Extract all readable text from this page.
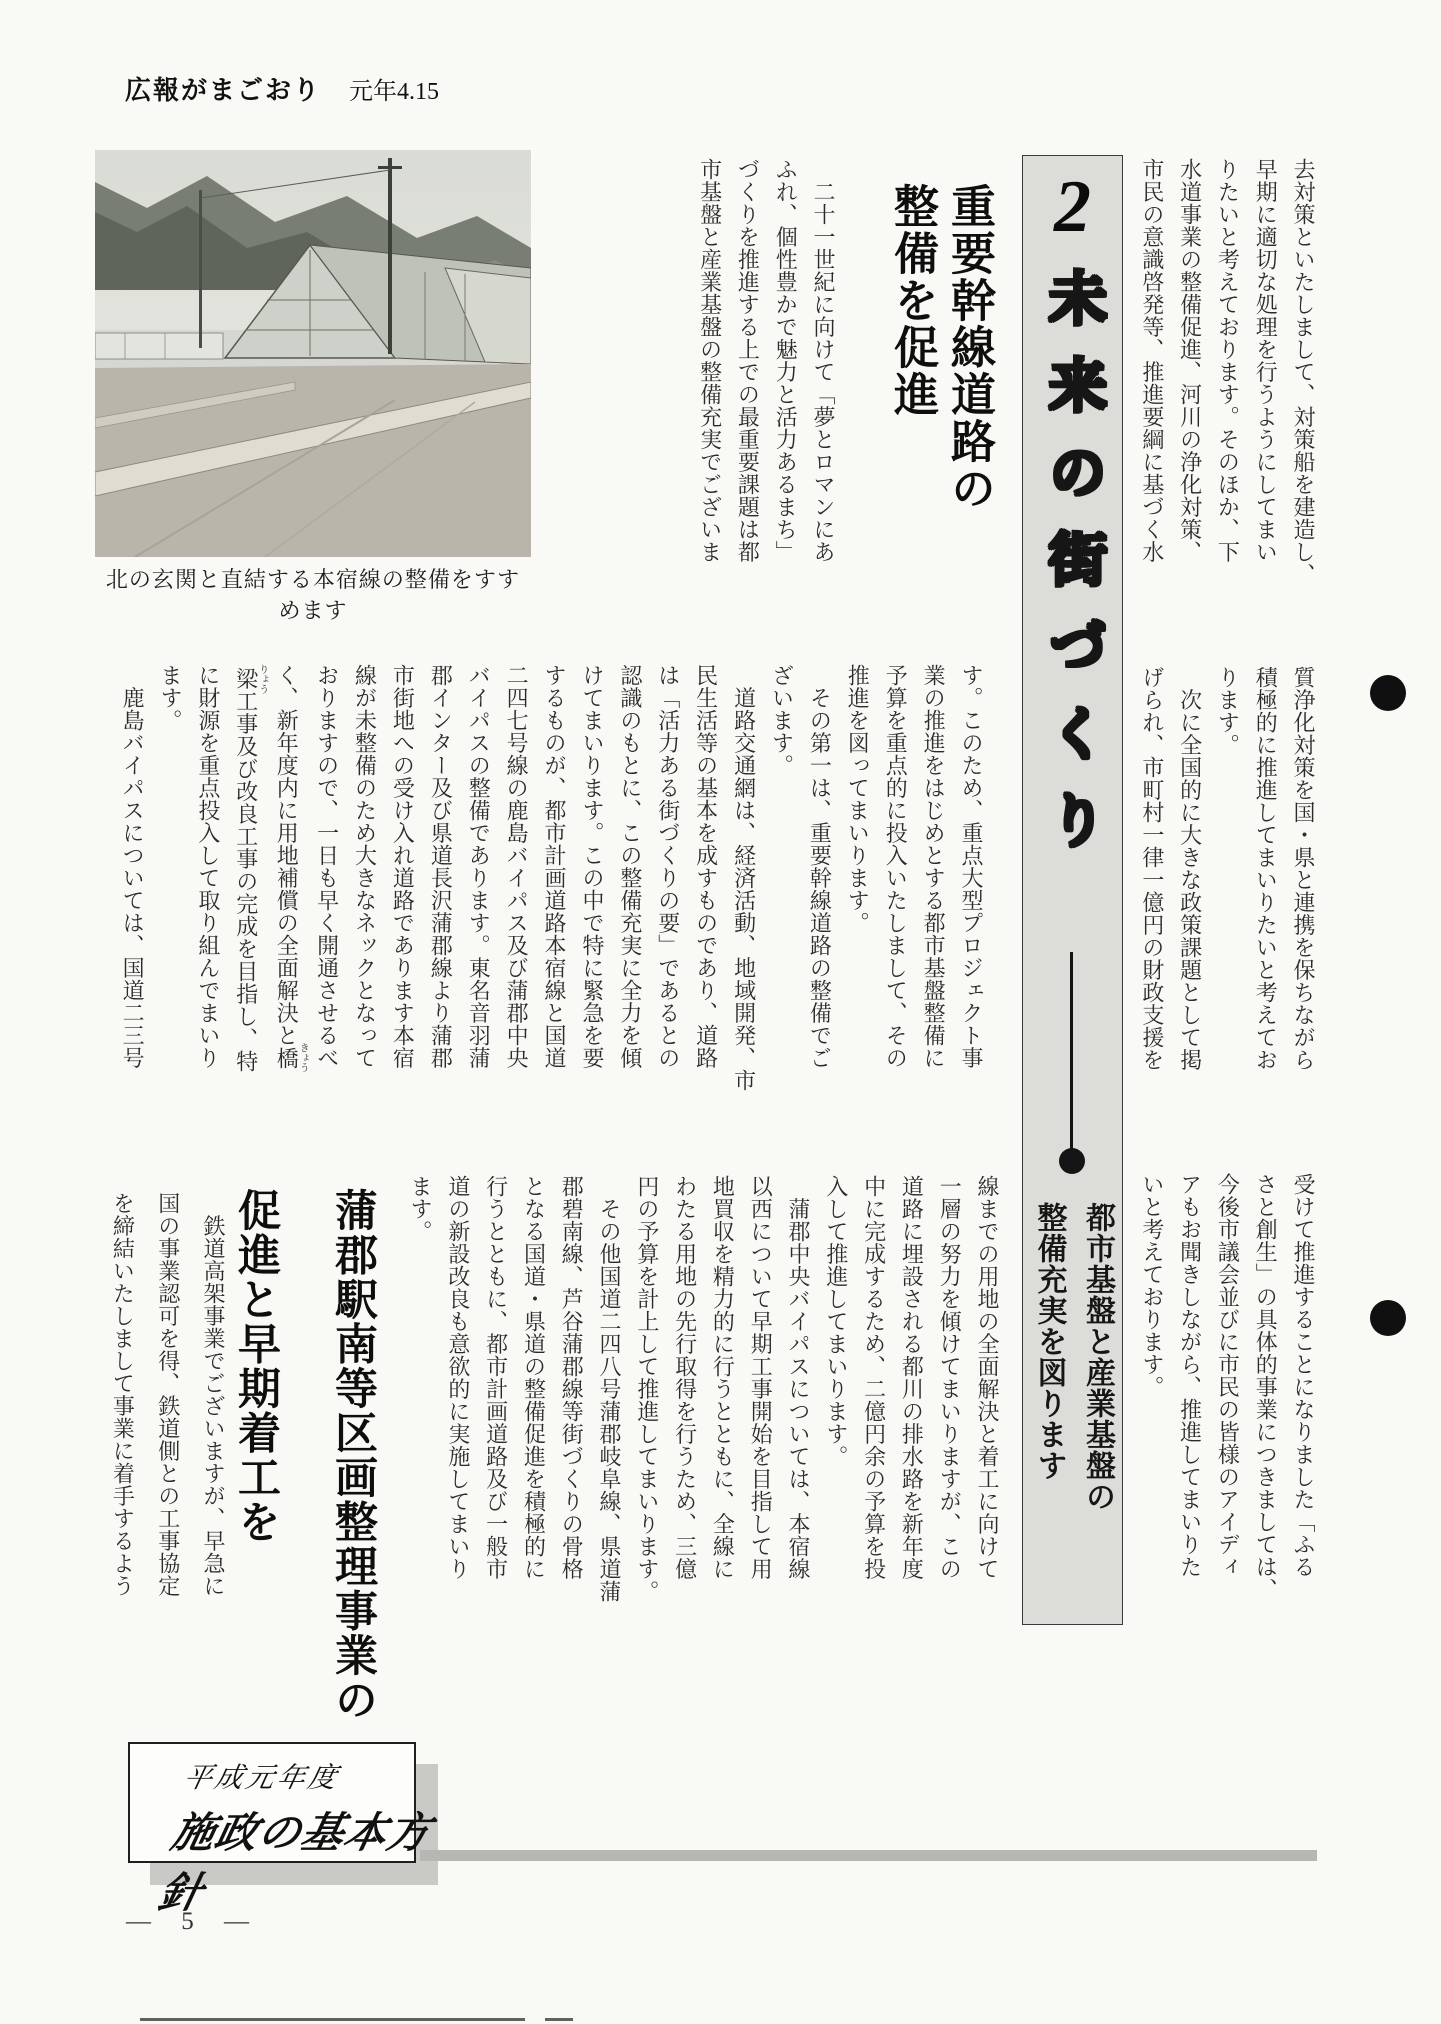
広報がまごおり 元年4.15
北の玄関と直結する本宿線の整備をすすめます
2
未来の街づくり

都市基盤と産業基盤の

整備充実を図ります

重要幹線道路の

整備を促進

蒲郡駅南等区画整理事業の

促進と早期着工を

去対策といたしまして、対策船を建造し、

早期に適切な処理を行うようにしてまい

りたいと考えております。そのほか、下

水道事業の整備促進、河川の浄化対策、

市民の意識啓発等、推進要綱に基づく水

質浄化対策を国・県と連携を保ちながら

積極的に推進してまいりたいと考えてお

ります。

　次に全国的に大きな政策課題として掲

げられ、市町村一律一億円の財政支援を

受けて推進することになりました「ふる

さと創生」の具体的事業につきましては、

今後市議会並びに市民の皆様のアイディ

アもお聞きしながら、推進してまいりた

いと考えております。

　二十一世紀に向けて「夢とロマンにあ

ふれ、個性豊かで魅力と活力あるまち」

づくりを推進する上での最重要課題は都

市基盤と産業基盤の整備充実でございま

す。このため、重点大型プロジェクト事

業の推進をはじめとする都市基盤整備に

予算を重点的に投入いたしまして、その

推進を図ってまいります。

　その第一は、重要幹線道路の整備でご

ざいます。

　道路交通網は、経済活動、地域開発、市

民生活等の基本を成すものであり、道路

は「活力ある街づくりの要」であるとの

認識のもとに、この整備充実に全力を傾

けてまいります。この中で特に緊急を要

するものが、都市計画道路本宿線と国道

二四七号線の鹿島バイパス及び蒲郡中央

バイパスの整備であります。東名音羽蒲

郡インター及び県道長沢蒲郡線より蒲郡

市街地への受け入れ道路であります本宿

線が未整備のため大きなネックとなって

おりますので、一日も早く開通させるべ

く、新年度内に用地補償の全面解決と橋きょう

梁りょう工事及び改良工事の完成を目指し、特

に財源を重点投入して取り組んでまいり

ます。

　鹿島バイパスについては、国道二三号

線までの用地の全面解決と着工に向けて

一層の努力を傾けてまいりますが、この

道路に埋設される都川の排水路を新年度

中に完成するため、二億円余の予算を投

入して推進してまいります。

　蒲郡中央バイパスについては、本宿線

以西について早期工事開始を目指して用

地買収を精力的に行うとともに、全線に

わたる用地の先行取得を行うため、三億

円の予算を計上して推進してまいります。

　その他国道二四八号蒲郡岐阜線、県道蒲

郡碧南線、芦谷蒲郡線等街づくりの骨格

となる国道・県道の整備促進を積極的に

行うとともに、都市計画道路及び一般市

道の新設改良も意欲的に実施してまいり

ます。

　鉄道高架事業でございますが、早急に

国の事業認可を得、鉄道側との工事協定

を締結いたしまして事業に着手するよう

平成元年度
施政の基本方針
― 5 ―
